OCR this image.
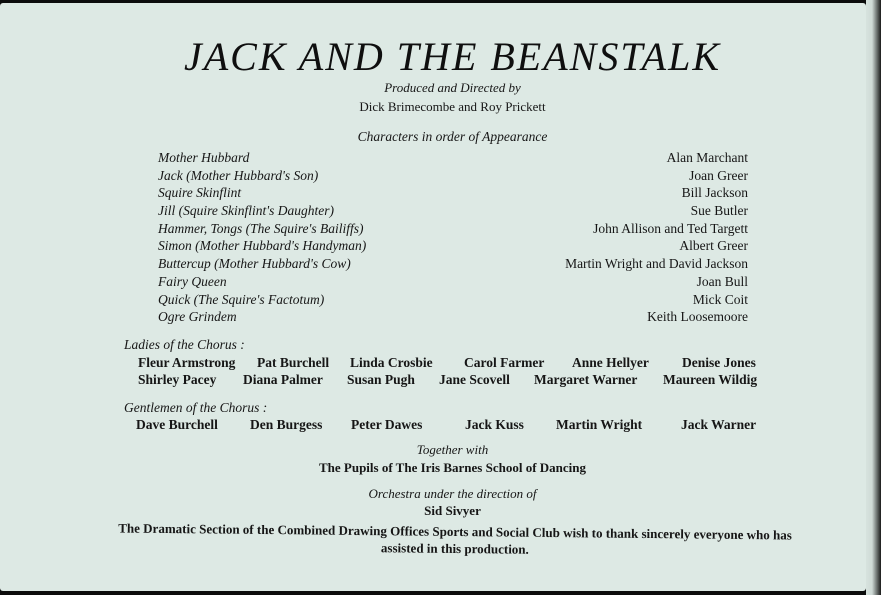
JACK AND THE BEANSTALK
Produced and Directed by
Dick Brimecombe and Roy Prickett
Characters in order of Appearance
Mother Hubbard	Alan Marchant
Jack (Mother Hubbard's Son)	Joan Greer
Squire Skinflint	Bill Jackson
Jill (Squire Skinflint's Daughter)	Sue Butler
Hammer, Tongs (The Squire's Bailiffs)	John Allison and Ted Targett
Simon (Mother Hubbard's Handyman)	Albert Greer
Buttercup (Mother Hubbard's Cow)	Martin Wright and David Jackson
Fairy Queen	Joan Bull
Quick (The Squire's Factotum)	Mick Coit
Ogre Grindem	Keith Loosemoore
Ladies of the Chorus :
Fleur Armstrong Pat Burchell Linda Crosbie Carol Farmer Anne Hellyer Denise Jones
Shirley Pacey Diana Palmer Susan Pugh Jane Scovell Margaret Warner Maureen Wildig
Gentlemen of the Chorus :
Dave Burchell Den Burgess Peter Dawes	Jack Kuss Martin Wright	Jack Warner
Together with
The Pupils of The Iris Barnes School of Dancing
Orchestra under the direction of
Sid Sivyer
The Dramatic Section of the Combined Drawing Offices Sports and Social Club wish to thank sincerely everyone who has assisted in this production.
